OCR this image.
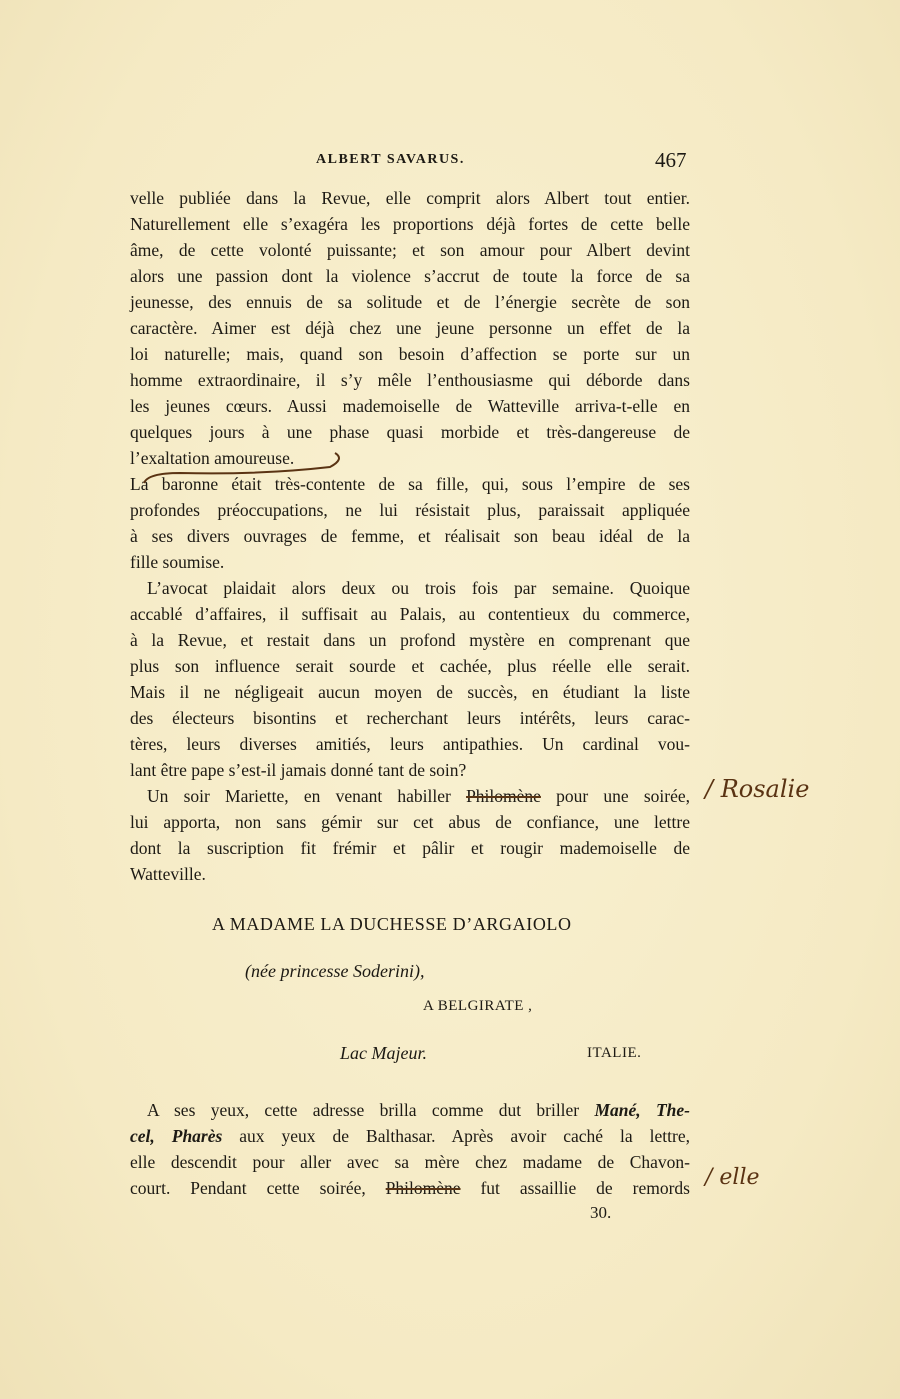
ALBERT SAVARUS.	467
velle publiée dans la Revue, elle comprit alors Albert tout entier.
Naturellement elle s’exagéra les proportions déjà fortes de cette belle
âme, de cette volonté puissante; et son amour pour Albert devint
alors une passion dont la violence s’accrut de toute la force de sa
jeunesse, des ennuis de sa solitude et de l’énergie secrète de son
caractère. Aimer est déjà chez une jeune personne un effet de la
loi naturelle; mais, quand son besoin d’affection se porte sur un
homme extraordinaire, il s’y mêle l’enthousiasme qui déborde dans
les jeunes cœurs. Aussi mademoiselle de Watteville arriva-t-elle en
quelques jours à une phase quasi morbide et très-dangereuse de
l’exaltation amoureuse.
La baronne était très-contente de sa fille, qui, sous l’empire de ses
profondes préoccupations, ne lui résistait plus, paraissait appliquée
à ses divers ouvrages de femme, et réalisait son beau idéal de la
fille soumise.
L’avocat plaidait alors deux ou trois fois par semaine. Quoique
accablé d’affaires, il suffisait au Palais, au contentieux du commerce,
à la Revue, et restait dans un profond mystère en comprenant que
plus son influence serait sourde et cachée, plus réelle elle serait.
Mais il ne négligeait aucun moyen de succès, en étudiant la liste
des électeurs bisontins et recherchant leurs intérêts, leurs carac-
tères, leurs diverses amitiés, leurs antipathies. Un cardinal vou-
lant être pape s’est-il jamais donné tant de soin?
Un soir Mariette, en venant habiller Philomène pour une soirée,
lui apporta, non sans gémir sur cet abus de confiance, une lettre
dont la suscription fit frémir et pâlir et rougir mademoiselle de
Watteville.
A MADAME LA DUCHESSE D’ARGAIOLO
(née princesse Soderini),
A BELGIRATE ,
Lac Majeur.	ITALIE.
A ses yeux, cette adresse brilla comme dut briller Mané, The-
cel, Pharès aux yeux de Balthasar. Après avoir caché la lettre,
elle descendit pour aller avec sa mère chez madame de Chavon-
court. Pendant cette soirée, Philomène fut assaillie de remords
30.
/ Rosalie
/ elle
